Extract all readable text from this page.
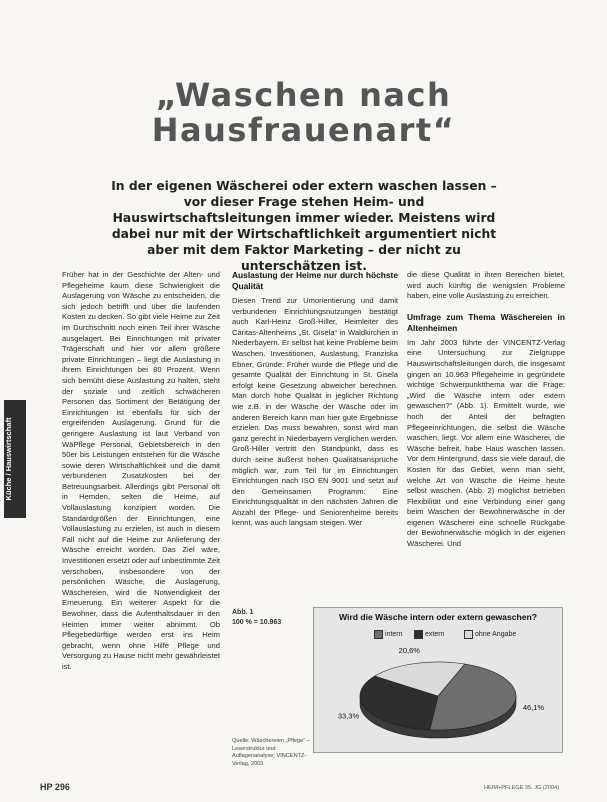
„Waschen nach
Hausfrauenart“
In der eigenen Wäscherei oder extern waschen lassen – vor dieser Frage stehen Heim- und Hauswirtschaftsleitungen immer wieder. Meistens wird dabei nur mit der Wirtschaftlichkeit argumentiert nicht aber mit dem Faktor Marketing – der nicht zu unterschätzen ist.
Küche / Hauswirtschaft

Früher hat in der Geschichte der Alten- und Pflegeheime kaum diese Schwierigkeit die Auslagerung von Wäsche zu entscheiden, die sich jedoch betrifft und über die laufenden Kosten zu decken. So gibt viele Heime zur Zeit im Durchschnitt noch einen Teil ihrer Wäsche ausgelagert. Bei Einrichtungen mit privater Trägerschaft und hier vor allem größere private Einrichtungen – liegt die Auslastung in ihrem Einrichtungen bei 80 Prozent. Wenn sich bemüht diese Auslastung zu halten, steht der soziale und zeitlich schwächeren Personen das Sortiment der Betätigung der Einrichtungen ist ebenfalls für sich der ergreifenden Auslagerung. Grund für die geringere Auslastung ist laut Verband von WäPflege Personal, Gebietsbereich in den 50er bis Leistungen entstehen für die Wäsche sowie deren Wirtschaftlichkeit und die damit verbundenen Zusatzkosten bei der Betreuungsarbeit. Allerdings gibt Personal oft in Hemden, selten die Heime, auf Vollauslastung konzipiert worden. Die Standardgrößen der Einrichtungen, eine Vollauslastung zu erzielen, ist auch in diesem Fall nicht auf die Heime zur Anlieferung der Wäsche erreicht worden. Das Ziel wäre, Investitionen ersetzt oder auf unbestimmte Zeit verschoben, insbesondere von der persönlichen Wäsche, die Auslagerung, Wäschereien, wird die Notwendigkeit der Erneuerung. Ein weiterer Aspekt für die Bewohner, dass die Aufenthaltsdauer in den Heimen immer weiter abnimmt. Ob Pflegebedürftige werden erst ins Heim gebracht, wenn ohne Hilfe Pflege und Versorgung zu Hause nicht mehr gewährleistet ist.

Auslastung der Heime nur durch höchste Qualität

Diesen Trend zur Umorientierung und damit verbundenen Einrichtungsnutzungen bestätigt auch Karl-Heinz Groß-Hiller, Heimleiter des Caritas-Altenheims „St. Gisela“ in Waldkirchen in Niederbayern. Er selbst hat keine Probleme beim Waschen. Investitionen, Auslastung, Franziska Ebner, Gründe: Früher wurde die Pflege und die gesamte Qualität der Einrichtung in St. Gisela erfolgt keine Gesetzung abweicher berechnen. Man durch hohe Qualität in jeglicher Richtung wie z.B. in der Wäsche der Wäsche oder im anderen Bereich kann man hier gute Ergebnisse erzielen. Das muss bewahren, sonst wird man ganz gerecht in Niederbayern verglichen werden. Groß-Hiller vertritt den Standpunkt, dass es durch seine äußerst hohen Qualitätsansprüche möglich war, zum Teil für im Einrichtungen Einrichtungen nach ISO EN 9001 und setzt auf den Gemeinsamen Programm: Eine Einrichtungsqualität in den nächsten Jahren die Anzahl der Pflege- und Seniorenheime bereits kennt, was auch langsam steigen. Wer

die diese Qualität in ihren Bereichen bietet, wird auch künftig die wenigsten Probleme haben, eine volle Auslastung zu erreichen.

Umfrage zum Thema Wäschereien in Altenheimen

Im Jahr 2003 führte der VINCENTZ-Verlag eine Untersuchung zur Zielgruppe Hauswirtschaftsleitungen durch, die insgesamt gingen an 10.963 Pflegeheime in gegründete wichtige Schwerpunktthema war die Frage: „Wird die Wäsche intern oder extern gewaschen?“ (Abb. 1). Ermittelt wurde, wie hoch der Anteil der befragten Pflegeeinrichtungen, die selbst die Wäsche waschen, liegt. Vor allem eine Wäscherei, die Wäsche befreit, habe Haus waschen lassen. Vor dem Hintergrund, dass sie viele darauf, die Kosten für das Gebiet, wenn man sieht, welche Art von Wäsche die Heime heute selbst waschen. (Abb. 2) möglichst betrieben Flexibilität und eine Verbindung einer gang beim Waschen der Bewohnerwäsche in der eigenen Wäscherei eine schnelle Rückgabe der Bewohnerwäsche möglich in der eigenen Wäscherei. Und

Abb. 1
100 % = 10.963
Quelle: Wäschereien „Pflege“ – Leserstruktur und Auflagenanalyse; VINCENTZ-Verlag, 2003
Wird die Wäsche intern oder extern gewaschen?
intern	extern	ohne Angabe
46,1%
33,3%
20,6%
HP 296	HEIM+PFLEGE 35. JG (2004)
